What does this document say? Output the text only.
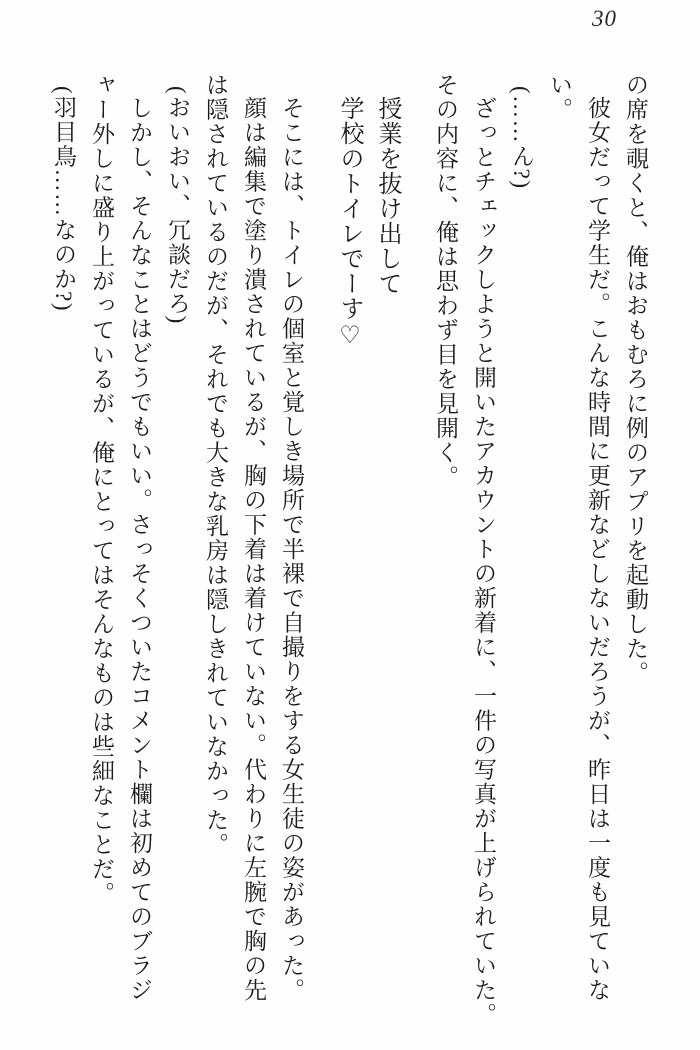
30
の席を覗くと、俺はおもむろに例のアプリを起動した。
彼女だって学生だ。こんな時間に更新などしないだろうが、昨日は一度も見ていな
い。
(……ん?)
ざっとチェックしようと開いたアカウントの新着に、一件の写真が上げられていた。
その内容に、俺は思わず目を見開く。
授業を抜け出して
学校のトイレでーす♡
そこには、トイレの個室と覚しき場所で半裸で自撮りをする女生徒の姿があった。
顔は編集で塗り潰されているが、胸の下着は着けていない。代わりに左腕で胸の先
は隠されているのだが、それでも大きな乳房は隠しきれていなかった。
(おいおい、冗談だろ)
しかし、そんなことはどうでもいい。さっそくついたコメント欄は初めてのブラジ
ャー外しに盛り上がっているが、俺にとってはそんなものは些細なことだ。
(羽目鳥……なのか?)
